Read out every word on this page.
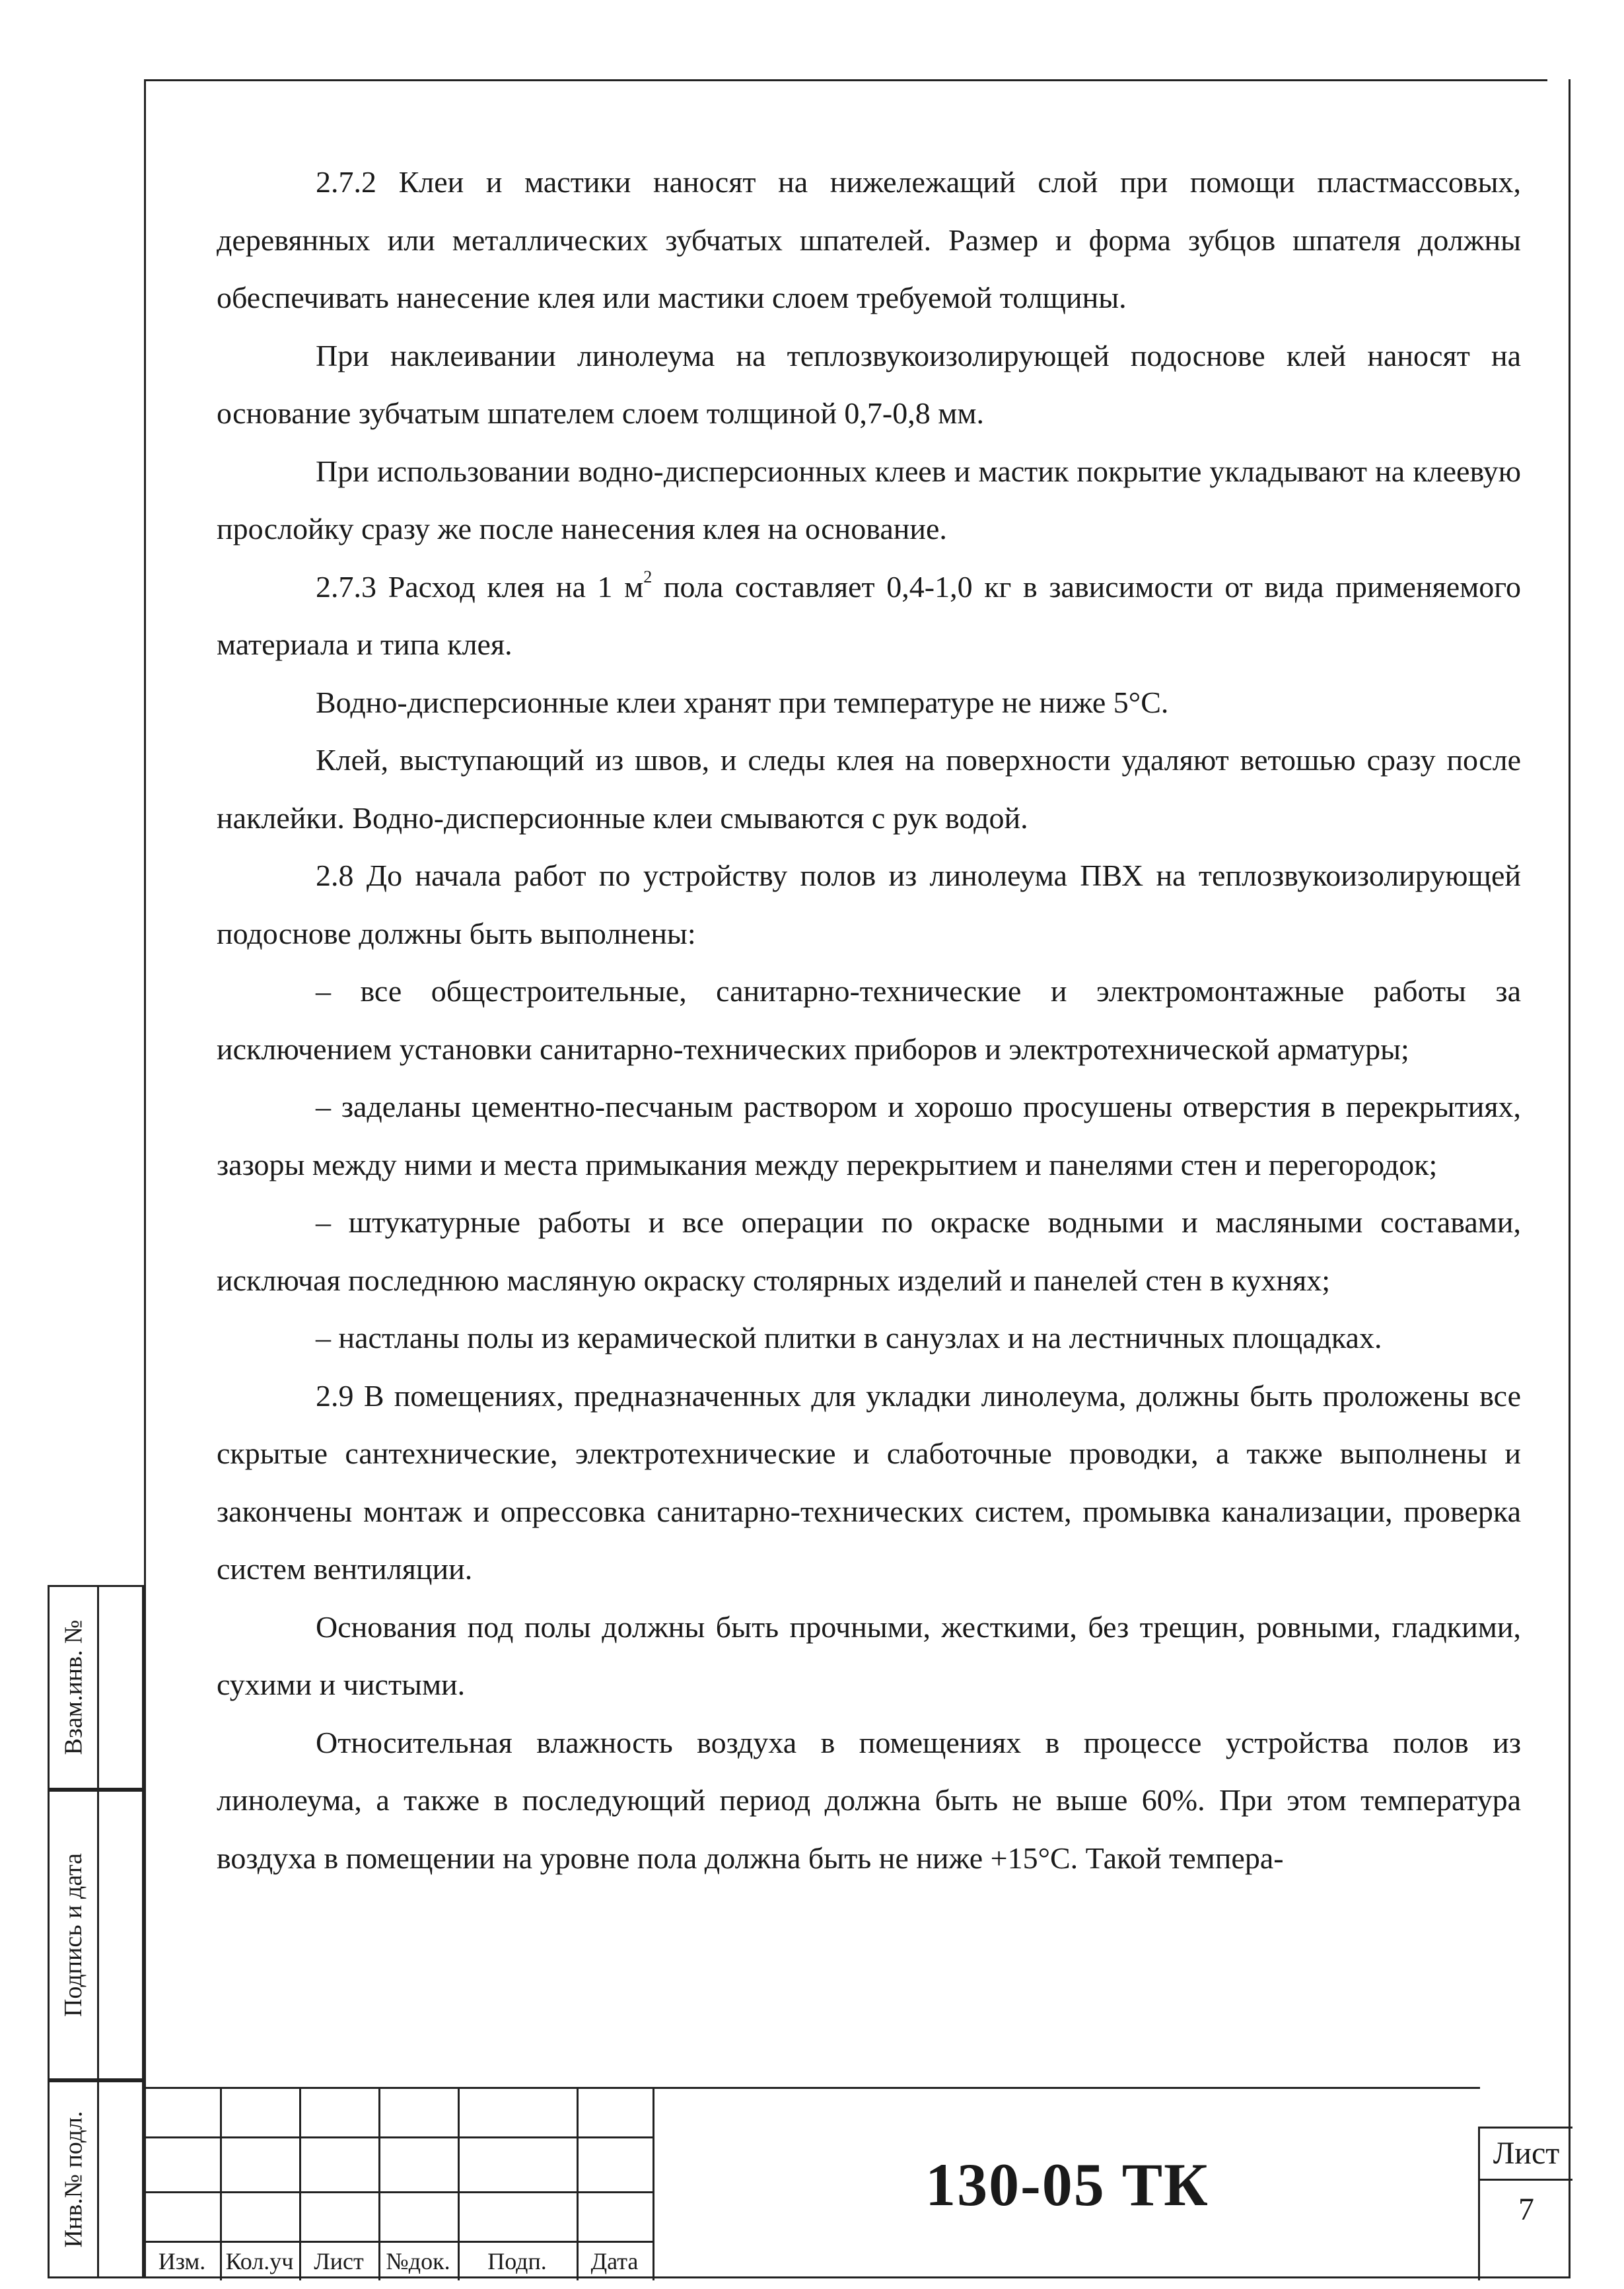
2.7.2 Клеи и мастики наносят на нижележащий слой при помощи пластмассовых, деревянных или металлических зубчатых шпателей. Размер и форма зубцов шпателя должны обеспечивать нанесение клея или мастики слоем требуемой толщины.

При наклеивании линолеума на теплозвукоизолирующей подоснове клей наносят на основание зубчатым шпателем слоем толщиной 0,7-0,8 мм.

При использовании водно-дисперсионных клеев и мастик покрытие укладывают на клеевую прослойку сразу же после нанесения клея на основание.

2.7.3 Расход клея на 1 $м^2$ пола составляет 0,4-1,0 кг в зависимости от вида применяемого материала и типа клея.

Водно-дисперсионные клеи хранят при температуре не ниже 5°С.

Клей, выступающий из швов, и следы клея на поверхности удаляют ветошью сразу после наклейки. Водно-дисперсионные клеи смываются с рук водой.

2.8 До начала работ по устройству полов из линолеума ПВХ на теплозвукоизолирующей подоснове должны быть выполнены:

– все общестроительные, санитарно-технические и электромонтажные работы за исключением установки санитарно-технических приборов и электротехнической арматуры;

– заделаны цементно-песчаным раствором и хорошо просушены отверстия в перекрытиях, зазоры между ними и места примыкания между перекрытием и панелями стен и перегородок;

– штукатурные работы и все операции по окраске водными и масляными составами, исключая последнюю масляную окраску столярных изделий и панелей стен в кухнях;

– настланы полы из керамической плитки в санузлах и на лестничных площадках.

2.9 В помещениях, предназначенных для укладки линолеума, должны быть проложены все скрытые сантехнические, электротехнические и слаботочные проводки, а также выполнены и закончены монтаж и опрессовка санитарно-технических систем, промывка канализации, проверка систем вентиляции.

Основания под полы должны быть прочными, жесткими, без трещин, ровными, гладкими, сухими и чистыми.

Относительная влажность воздуха в помещениях в процессе устройства полов из линолеума, а также в последующий период должна быть не выше 60%. При этом температура воздуха в помещении на уровне пола должна быть не ниже +15°С. Такой темпера-

Взам.инв. №
Подпись и дата
Инв.№ подл.
Изм. Кол.уч Лист №док.	Подп.	Дата
130-05 ТК	Лист
7
